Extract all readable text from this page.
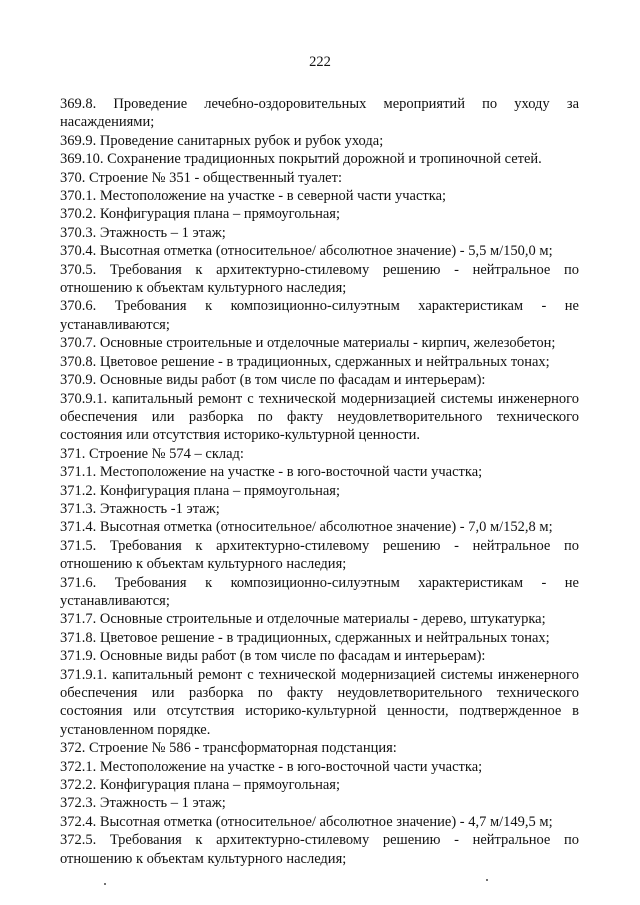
222

369.8. Проведение лечебно-оздоровительных мероприятий по уходу за насаждениями;

369.9. Проведение санитарных рубок и рубок ухода;

369.10. Сохранение традиционных покрытий дорожной и тропиночной сетей.

370. Строение № 351 - общественный туалет:

370.1. Местоположение на участке - в северной части участка;

370.2. Конфигурация плана – прямоугольная;

370.3. Этажность – 1 этаж;

370.4. Высотная отметка (относительное/ абсолютное значение) - 5,5 м/150,0 м;

370.5. Требования к архитектурно-стилевому решению - нейтральное по отношению к объектам культурного наследия;

370.6. Требования к композиционно-силуэтным характеристикам - не устанавливаются;

370.7. Основные строительные и отделочные материалы - кирпич, железобетон;

370.8. Цветовое решение - в традиционных, сдержанных и нейтральных тонах;

370.9. Основные виды работ (в том числе по фасадам и интерьерам):

370.9.1. капитальный ремонт с технической модернизацией системы инженерного обеспечения или разборка по факту неудовлетворительного технического состояния или отсутствия историко-культурной ценности.

371. Строение № 574 – склад:

371.1. Местоположение на участке - в юго-восточной части участка;

371.2. Конфигурация плана – прямоугольная;

371.3. Этажность -1 этаж;

371.4. Высотная отметка (относительное/ абсолютное значение) - 7,0 м/152,8 м;

371.5. Требования к архитектурно-стилевому решению - нейтральное по отношению к объектам культурного наследия;

371.6. Требования к композиционно-силуэтным характеристикам - не устанавливаются;

371.7. Основные строительные и отделочные материалы - дерево, штукатурка;

371.8. Цветовое решение - в традиционных, сдержанных и нейтральных тонах;

371.9. Основные виды работ (в том числе по фасадам и интерьерам):

371.9.1. капитальный ремонт с технической модернизацией системы инженерного обеспечения или разборка по факту неудовлетворительного технического состояния или отсутствия историко-культурной ценности, подтвержденное в установленном порядке.

372. Строение № 586 - трансформаторная подстанция:

372.1. Местоположение на участке - в юго-восточной части участка;

372.2. Конфигурация плана – прямоугольная;

372.3. Этажность – 1 этаж;

372.4. Высотная отметка (относительное/ абсолютное значение) - 4,7 м/149,5 м;

372.5. Требования к архитектурно-стилевому решению - нейтральное по отношению к объектам культурного наследия;
